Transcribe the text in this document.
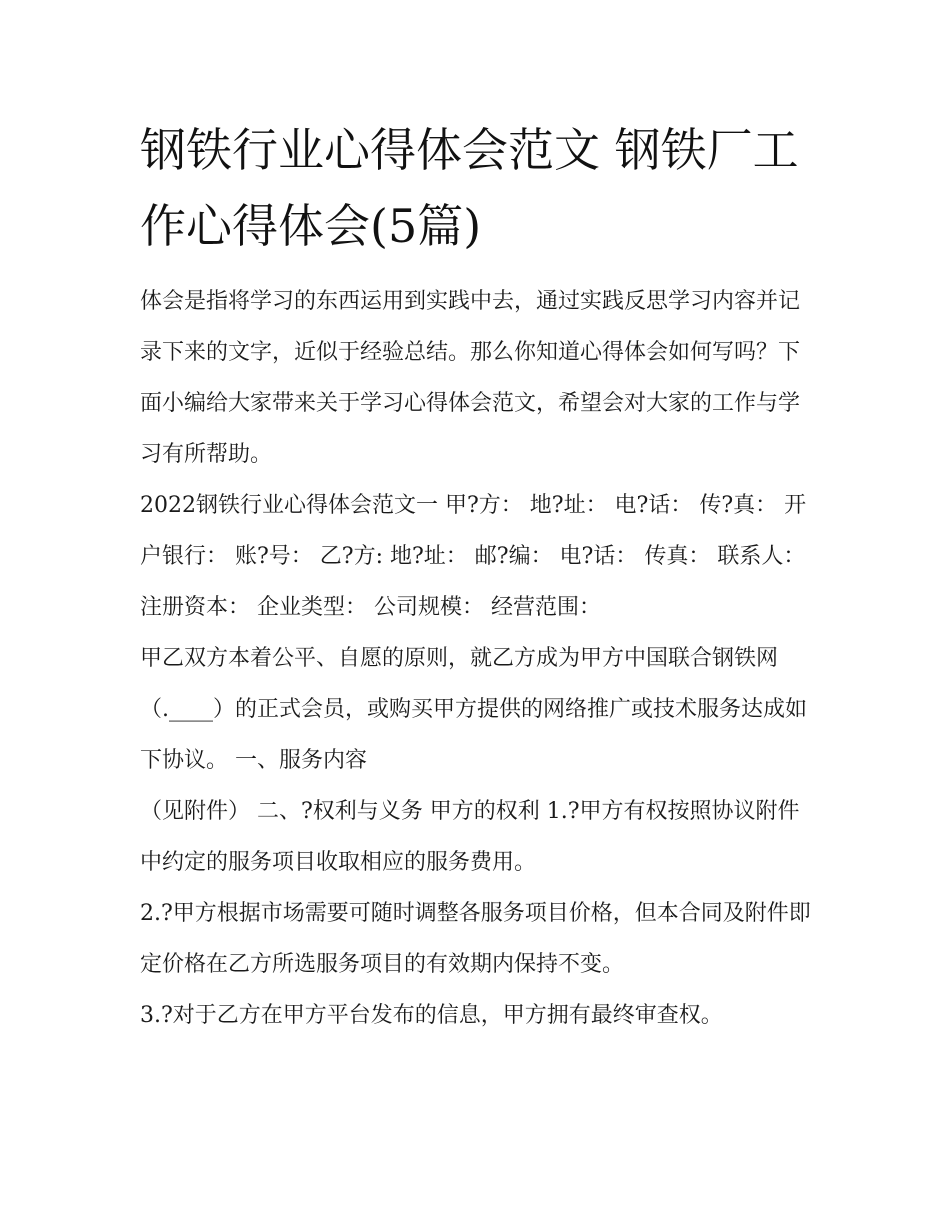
钢铁行业心得体会范文 钢铁厂工作心得体会(5篇)

体会是指将学习的东西运用到实践中去，通过实践反思学习内容并记录下来的文字，近似于经验总结。那么你知道心得体会如何写吗？下面小编给大家带来关于学习心得体会范文，希望会对大家的工作与学习有所帮助。

2022钢铁行业心得体会范文一 甲?方： 地?址： 电?话： 传?真： 开户银行： 账?号： 乙?方: 地?址： 邮?编： 电?话： 传真： 联系人：

注册资本： 企业类型： 公司规模： 经营范围：

甲乙双方本着公平、自愿的原则，就乙方成为甲方中国联合钢铁网（.____）的正式会员，或购买甲方提供的网络推广或技术服务达成如下协议。 一、服务内容

（见附件） 二、?权利与义务 甲方的权利 1.?甲方有权按照协议附件中约定的服务项目收取相应的服务费用。

2.?甲方根据市场需要可随时调整各服务项目价格，但本合同及附件即定价格在乙方所选服务项目的有效期内保持不变。

3.?对于乙方在甲方平台发布的信息，甲方拥有最终审查权。
